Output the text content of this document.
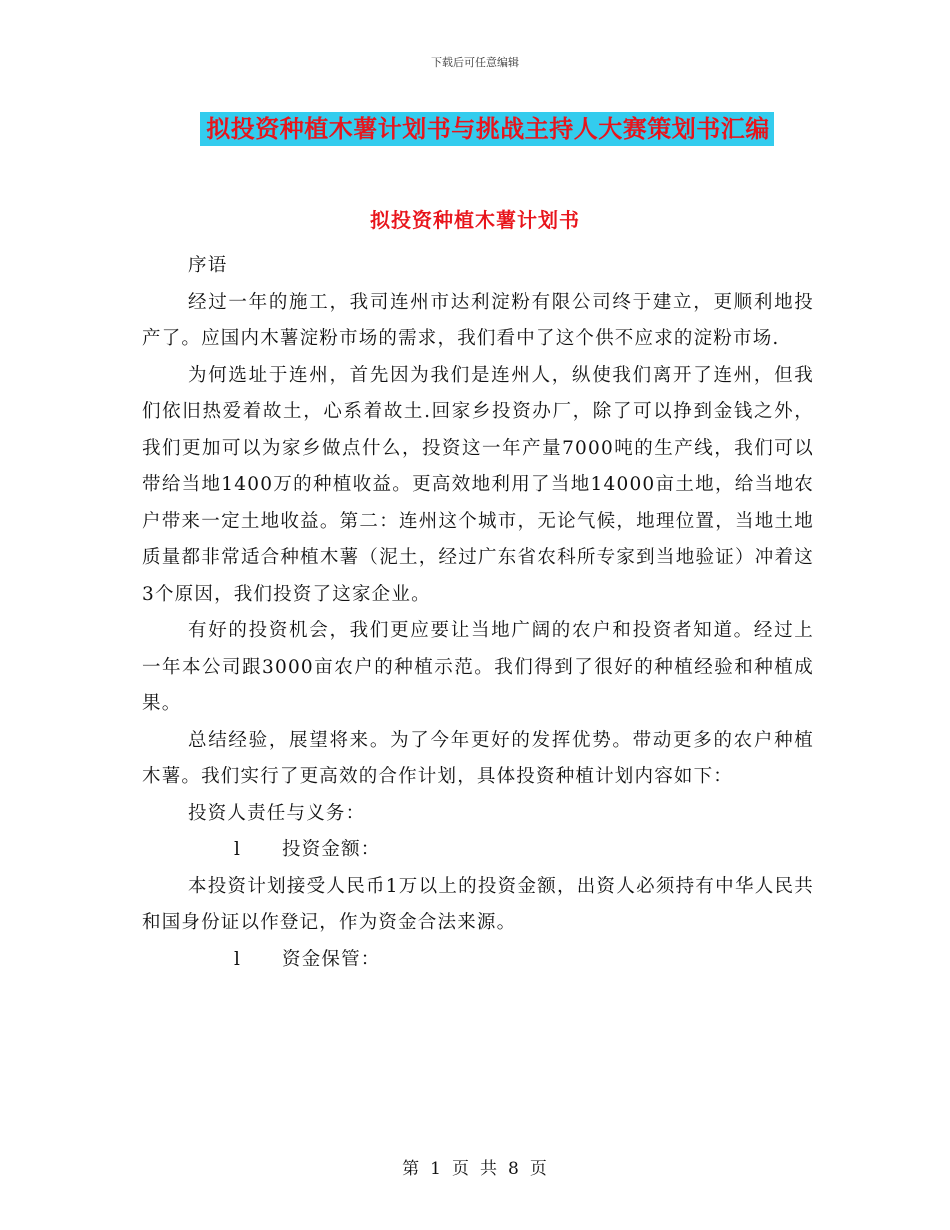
下载后可任意编辑
拟投资种植木薯计划书与挑战主持人大赛策划书汇编
拟投资种植木薯计划书

序语

经过一年的施工，我司连州市达利淀粉有限公司终于建立，更顺利地投产了。应国内木薯淀粉市场的需求，我们看中了这个供不应求的淀粉市场.

为何选址于连州，首先因为我们是连州人，纵使我们离开了连州，但我们依旧热爱着故土，心系着故土.回家乡投资办厂，除了可以挣到金钱之外，我们更加可以为家乡做点什么，投资这一年产量7000吨的生产线，我们可以带给当地1400万的种植收益。更高效地利用了当地14000亩土地，给当地农户带来一定土地收益。第二：连州这个城市，无论气候，地理位置，当地土地质量都非常适合种植木薯（泥土，经过广东省农科所专家到当地验证）冲着这3个原因，我们投资了这家企业。

有好的投资机会，我们更应要让当地广阔的农户和投资者知道。经过上一年本公司跟3000亩农户的种植示范。我们得到了很好的种植经验和种植成果。

总结经验，展望将来。为了今年更好的发挥优势。带动更多的农户种植木薯。我们实行了更高效的合作计划，具体投资种植计划内容如下：

投资人责任与义务：

l 投资金额：

本投资计划接受人民币1万以上的投资金额，出资人必须持有中华人民共和国身份证以作登记，作为资金合法来源。

l 资金保管：

第 1 页 共 8 页
